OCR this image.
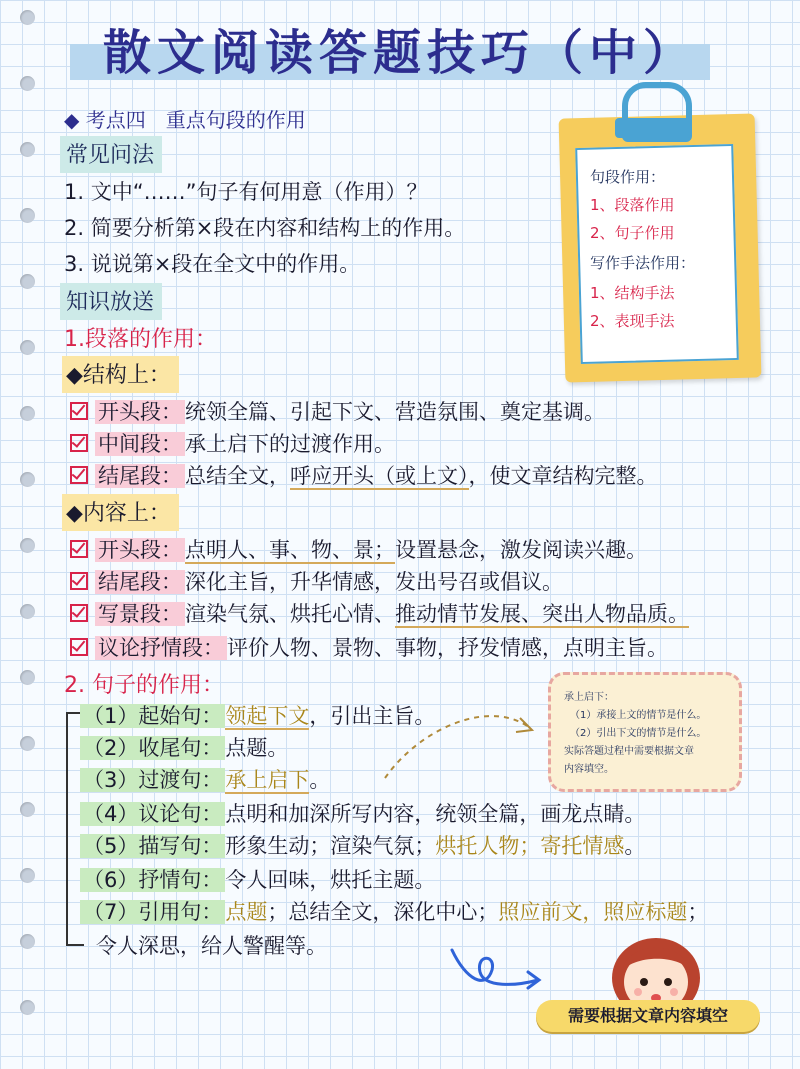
散文阅读答题技巧（中）
◆ 考点四　重点句段的作用
常见问法
1. 文中“……”句子有何用意（作用）？
2. 简要分析第×段在内容和结构上的作用。
3. 说说第×段在全文中的作用。
知识放送
1.段落的作用：
◆结构上：
开头段： 统领全篇、引起下文、营造氛围、奠定基调。
中间段： 承上启下的过渡作用。
结尾段： 总结全文，呼应开头（或上文），使文章结构完整。
◆内容上：
开头段： 点明人、事、物、景；设置悬念，激发阅读兴趣。
结尾段： 深化主旨，升华情感，发出号召或倡议。
写景段： 渲染气氛、烘托心情、推动情节发展、突出人物品质。
议论抒情段： 评价人物、景物、事物，抒发情感，点明主旨。
2. 句子的作用：
（1）起始句： 领起下文，引出主旨。
（2）收尾句： 点题。
（3）过渡句： 承上启下。
（4）议论句： 点明和加深所写内容，统领全篇，画龙点睛。
（5）描写句： 形象生动；渲染气氛；烘托人物；寄托情感。
（6）抒情句： 令人回味，烘托主题。
（7）引用句： 点题；总结全文，深化中心；照应前文，照应标题；
令人深思，给人警醒等。
句段作用：
1、段落作用
2、句子作用
写作手法作用：
1、结构手法
2、表现手法
承上启下：
（1）承接上文的情节是什么。
（2）引出下文的情节是什么。
实际答题过程中需要根据文章
内容填空。
需要根据文章内容填空
